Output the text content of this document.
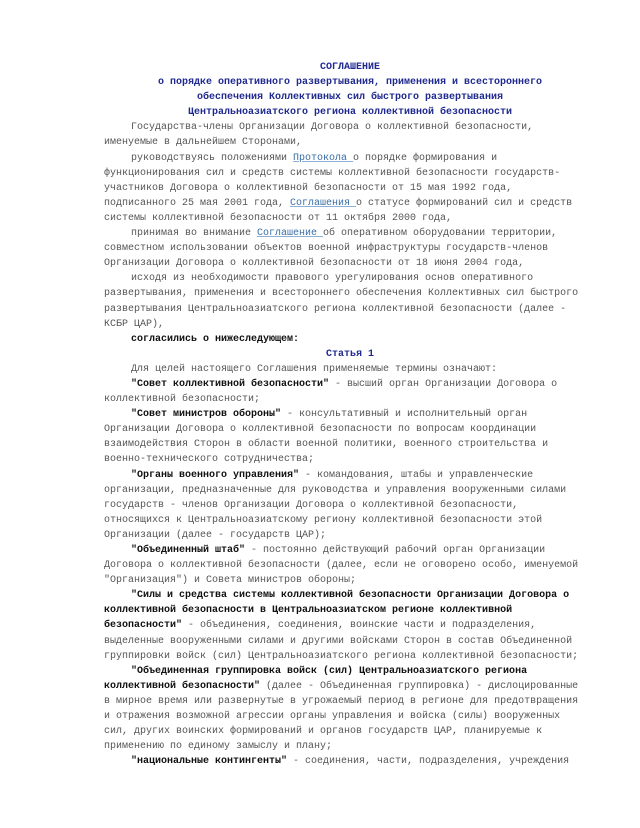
СОГЛАШЕНИЕ
о порядке оперативного развертывания, применения и всестороннего
обеспечения Коллективных сил быстрого развертывания
Центральноазиатского региона коллективной безопасности
Государства-члены Организации Договора о коллективной безопасности,
именуемые в дальнейшем Сторонами,
руководствуясь положениями Протокола о порядке формирования и
функционирования сил и средств системы коллективной безопасности государств-
участников Договора о коллективной безопасности от 15 мая 1992 года,
подписанного 25 мая 2001 года, Соглашения о статусе формирований сил и средств
системы коллективной безопасности от 11 октября 2000 года,
принимая во внимание Соглашение об оперативном оборудовании территории,
совместном использовании объектов военной инфраструктуры государств-членов
Организации Договора о коллективной безопасности от 18 июня 2004 года,
исходя из необходимости правового урегулирования основ оперативного
развертывания, применения и всестороннего обеспечения Коллективных сил быстрого
развертывания Центральноазиатского региона коллективной безопасности (далее -
КСБР ЦАР),
согласились о нижеследующем:
Статья 1
Для целей настоящего Соглашения применяемые термины означают:
"Совет коллективной безопасности" - высший орган Организации Договора о
коллективной безопасности;
"Совет министров обороны" - консультативный и исполнительный орган
Организации Договора о коллективной безопасности по вопросам координации
взаимодействия Сторон в области военной политики, военного строительства и
военно-технического сотрудничества;
"Органы военного управления" - командования, штабы и управленческие
организации, предназначенные для руководства и управления вооруженными силами
государств - членов Организации Договора о коллективной безопасности,
относящихся к Центральноазиатскому региону коллективной безопасности этой
Организации (далее - государств ЦАР);
"Объединенный штаб" - постоянно действующий рабочий орган Организации
Договора о коллективной безопасности (далее, если не оговорено особо, именуемой
"Организация") и Совета министров обороны;
"Силы и средства системы коллективной безопасности Организации Договора о
коллективной безопасности в Центральноазиатском регионе коллективной
безопасности" - объединения, соединения, воинские части и подразделения,
выделенные вооруженными силами и другими войсками Сторон в состав Объединенной
группировки войск (сил) Центральноазиатского региона коллективной безопасности;
"Объединенная группировка войск (сил) Центральноазиатского региона
коллективной безопасности" (далее - Объединенная группировка) - дислоцированные
в мирное время или развернутые в угрожаемый период в регионе для предотвращения
и отражения возможной агрессии органы управления и войска (силы) вооруженных
сил, других воинских формирований и органов государств ЦАР, планируемые к
применению по единому замыслу и плану;
"национальные контингенты" - соединения, части, подразделения, учреждения
